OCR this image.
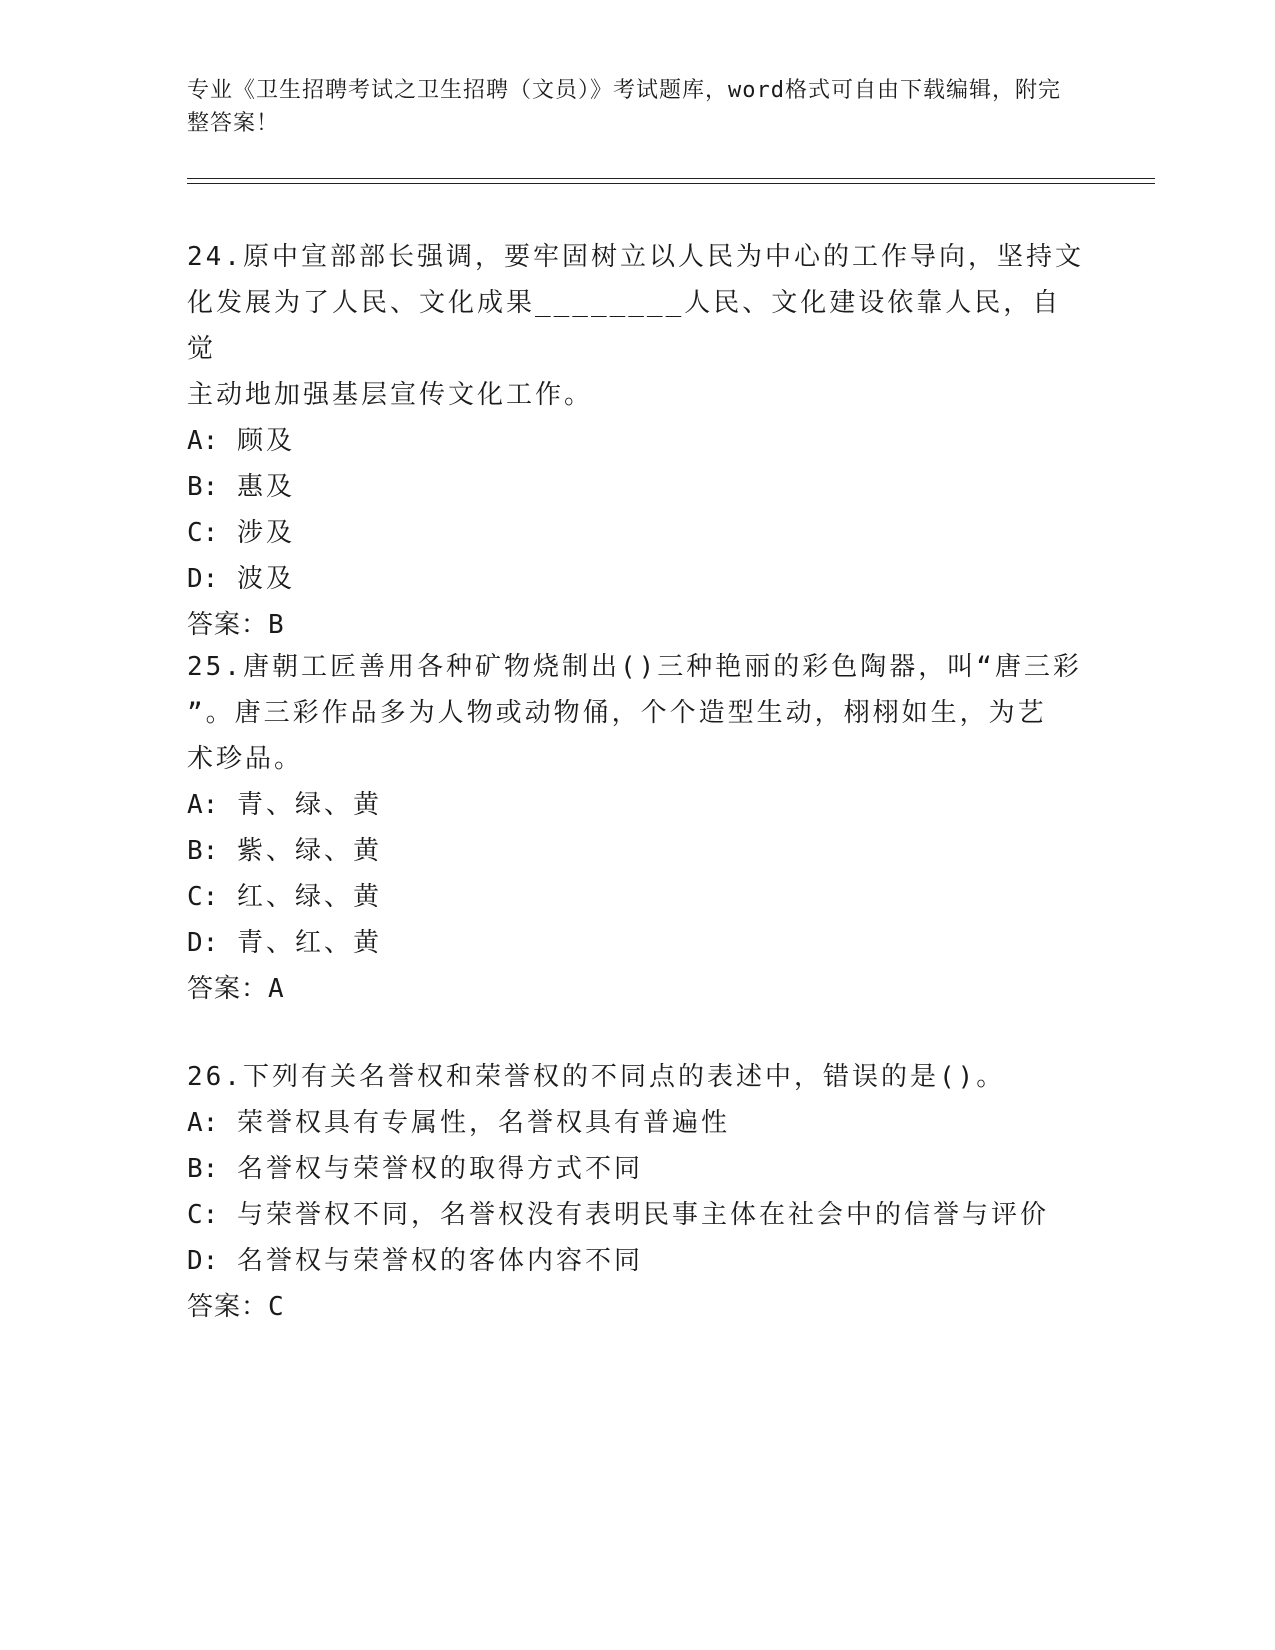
专业《卫生招聘考试之卫生招聘（文员）》考试题库，word格式可自由下载编辑，附完整答案！

24.原中宣部部长强调，要牢固树立以人民为中心的工作导向，坚持文

化发展为了人民、文化成果________人民、文化建设依靠人民，自觉

主动地加强基层宣传文化工作。

A: 顾及

B: 惠及

C: 涉及

D: 波及

答案：B

25.唐朝工匠善用各种矿物烧制出()三种艳丽的彩色陶器，叫“唐三彩

”。唐三彩作品多为人物或动物俑，个个造型生动，栩栩如生，为艺

术珍品。

A: 青、绿、黄

B: 紫、绿、黄

C: 红、绿、黄

D: 青、红、黄

答案：A

26.下列有关名誉权和荣誉权的不同点的表述中，错误的是()。

A: 荣誉权具有专属性，名誉权具有普遍性

B: 名誉权与荣誉权的取得方式不同

C: 与荣誉权不同，名誉权没有表明民事主体在社会中的信誉与评价

D: 名誉权与荣誉权的客体内容不同

答案：C
